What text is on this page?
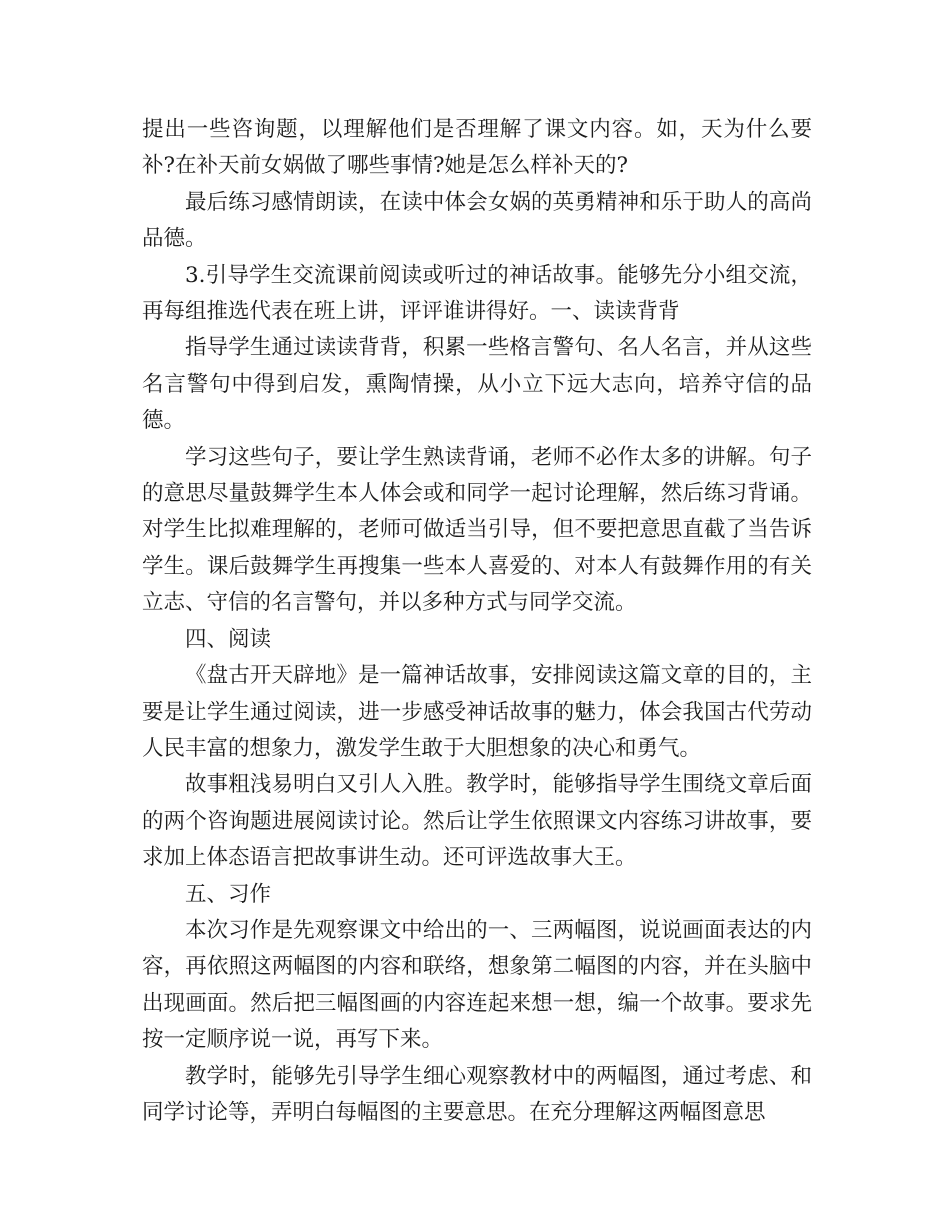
提出一些咨询题，以理解他们是否理解了课文内容。如，天为什么要补?在补天前女娲做了哪些事情?她是怎么样补天的?

最后练习感情朗读，在读中体会女娲的英勇精神和乐于助人的高尚品德。

3.引导学生交流课前阅读或听过的神话故事。能够先分小组交流，再每组推选代表在班上讲，评评谁讲得好。一、读读背背

指导学生通过读读背背，积累一些格言警句、名人名言，并从这些名言警句中得到启发，熏陶情操，从小立下远大志向，培养守信的品德。

学习这些句子，要让学生熟读背诵，老师不必作太多的讲解。句子的意思尽量鼓舞学生本人体会或和同学一起讨论理解，然后练习背诵。对学生比拟难理解的，老师可做适当引导，但不要把意思直截了当告诉学生。课后鼓舞学生再搜集一些本人喜爱的、对本人有鼓舞作用的有关立志、守信的名言警句，并以多种方式与同学交流。

四、阅读

《盘古开天辟地》是一篇神话故事，安排阅读这篇文章的目的，主要是让学生通过阅读，进一步感受神话故事的魅力，体会我国古代劳动人民丰富的想象力，激发学生敢于大胆想象的决心和勇气。

故事粗浅易明白又引人入胜。教学时，能够指导学生围绕文章后面的两个咨询题进展阅读讨论。然后让学生依照课文内容练习讲故事，要求加上体态语言把故事讲生动。还可评选故事大王。

五、习作

本次习作是先观察课文中给出的一、三两幅图，说说画面表达的内容，再依照这两幅图的内容和联络，想象第二幅图的内容，并在头脑中出现画面。然后把三幅图画的内容连起来想一想，编一个故事。要求先按一定顺序说一说，再写下来。

教学时，能够先引导学生细心观察教材中的两幅图，通过考虑、和同学讨论等，弄明白每幅图的主要意思。在充分理解这两幅图意思
